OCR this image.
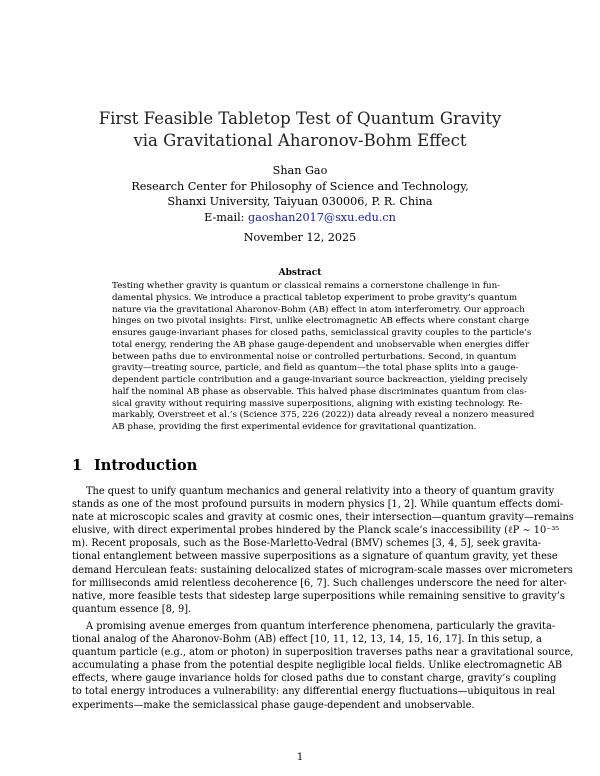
First Feasible Tabletop Test of Quantum Gravity
via Gravitational Aharonov-Bohm Effect
Shan Gao
Research Center for Philosophy of Science and Technology,
Shanxi University, Taiyuan 030006, P. R. China
E-mail: gaoshan2017@sxu.edu.cn
November 12, 2025
Abstract
Testing whether gravity is quantum or classical remains a cornerstone challenge in fun-
damental physics. We introduce a practical tabletop experiment to probe gravity’s quantum
nature via the gravitational Aharonov-Bohm (AB) effect in atom interferometry. Our approach
hinges on two pivotal insights: First, unlike electromagnetic AB effects where constant charge
ensures gauge-invariant phases for closed paths, semiclassical gravity couples to the particle’s
total energy, rendering the AB phase gauge-dependent and unobservable when energies differ
between paths due to environmental noise or controlled perturbations. Second, in quantum
gravity—treating source, particle, and field as quantum—the total phase splits into a gauge-
dependent particle contribution and a gauge-invariant source backreaction, yielding precisely
half the nominal AB phase as observable. This halved phase discriminates quantum from clas-
sical gravity without requiring massive superpositions, aligning with existing technology. Re-
markably, Overstreet et al.’s (Science 375, 226 (2022)) data already reveal a nonzero measured
AB phase, providing the first experimental evidence for gravitational quantization.
1 Introduction
The quest to unify quantum mechanics and general relativity into a theory of quantum gravity
stands as one of the most profound pursuits in modern physics [1, 2]. While quantum effects domi-
nate at microscopic scales and gravity at cosmic ones, their intersection—quantum gravity—remains
elusive, with direct experimental probes hindered by the Planck scale’s inaccessibility (ℓP ∼ 10⁻³⁵
m). Recent proposals, such as the Bose-Marletto-Vedral (BMV) schemes [3, 4, 5], seek gravita-
tional entanglement between massive superpositions as a signature of quantum gravity, yet these
demand Herculean feats: sustaining delocalized states of microgram-scale masses over micrometers
for milliseconds amid relentless decoherence [6, 7]. Such challenges underscore the need for alter-
native, more feasible tests that sidestep large superpositions while remaining sensitive to gravity’s
quantum essence [8, 9].
A promising avenue emerges from quantum interference phenomena, particularly the gravita-
tional analog of the Aharonov-Bohm (AB) effect [10, 11, 12, 13, 14, 15, 16, 17]. In this setup, a
quantum particle (e.g., atom or photon) in superposition traverses paths near a gravitational source,
accumulating a phase from the potential despite negligible local fields. Unlike electromagnetic AB
effects, where gauge invariance holds for closed paths due to constant charge, gravity’s coupling
to total energy introduces a vulnerability: any differential energy fluctuations—ubiquitous in real
experiments—make the semiclassical phase gauge-dependent and unobservable.
1
